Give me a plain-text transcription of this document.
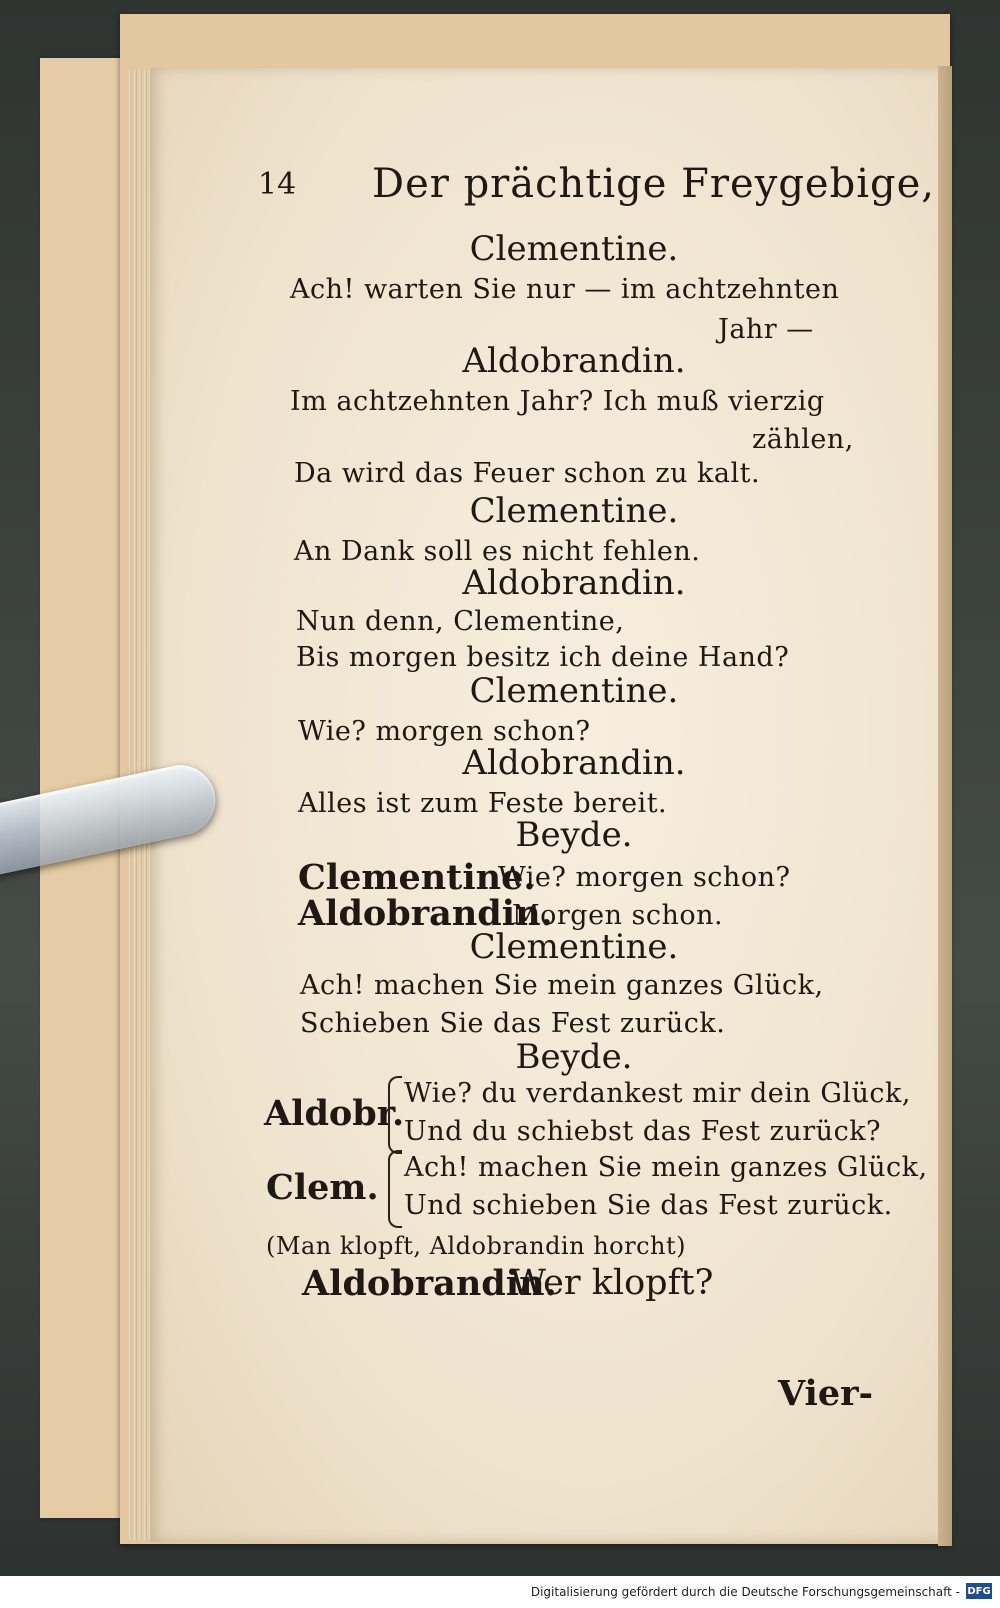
14 Der prächtige Freygebige,
Clementine.
Ach! warten Sie nur — im achtzehnten
Jahr —
Aldobrandin.
Im achtzehnten Jahr? Ich muß vierzig
zählen,
Da wird das Feuer schon zu kalt.
Clementine.
An Dank soll es nicht fehlen.
Aldobrandin.
Nun denn, Clementine,
Bis morgen besitz ich deine Hand?
Clementine.
Wie? morgen schon?
Aldobrandin.
Alles ist zum Feste bereit.
Beyde.
Clementine.
Wie? morgen schon?
Aldobrandin.
Morgen schon.
Clementine.
Ach! machen Sie mein ganzes Glück,
Schieben Sie das Fest zurück.
Beyde.
Aldobr. Wie? du verdankest mir dein Glück,
Und du schiebst das Fest zurück?
Clem. Ach! machen Sie mein ganzes Glück,
Und schieben Sie das Fest zurück.
(Man klopft, Aldobrandin horcht)
Aldobrandin.
Wer klopft?
Vier-
Digitalisierung gefördert durch die Deutsche Forschungsgemeinschaft - DFG
